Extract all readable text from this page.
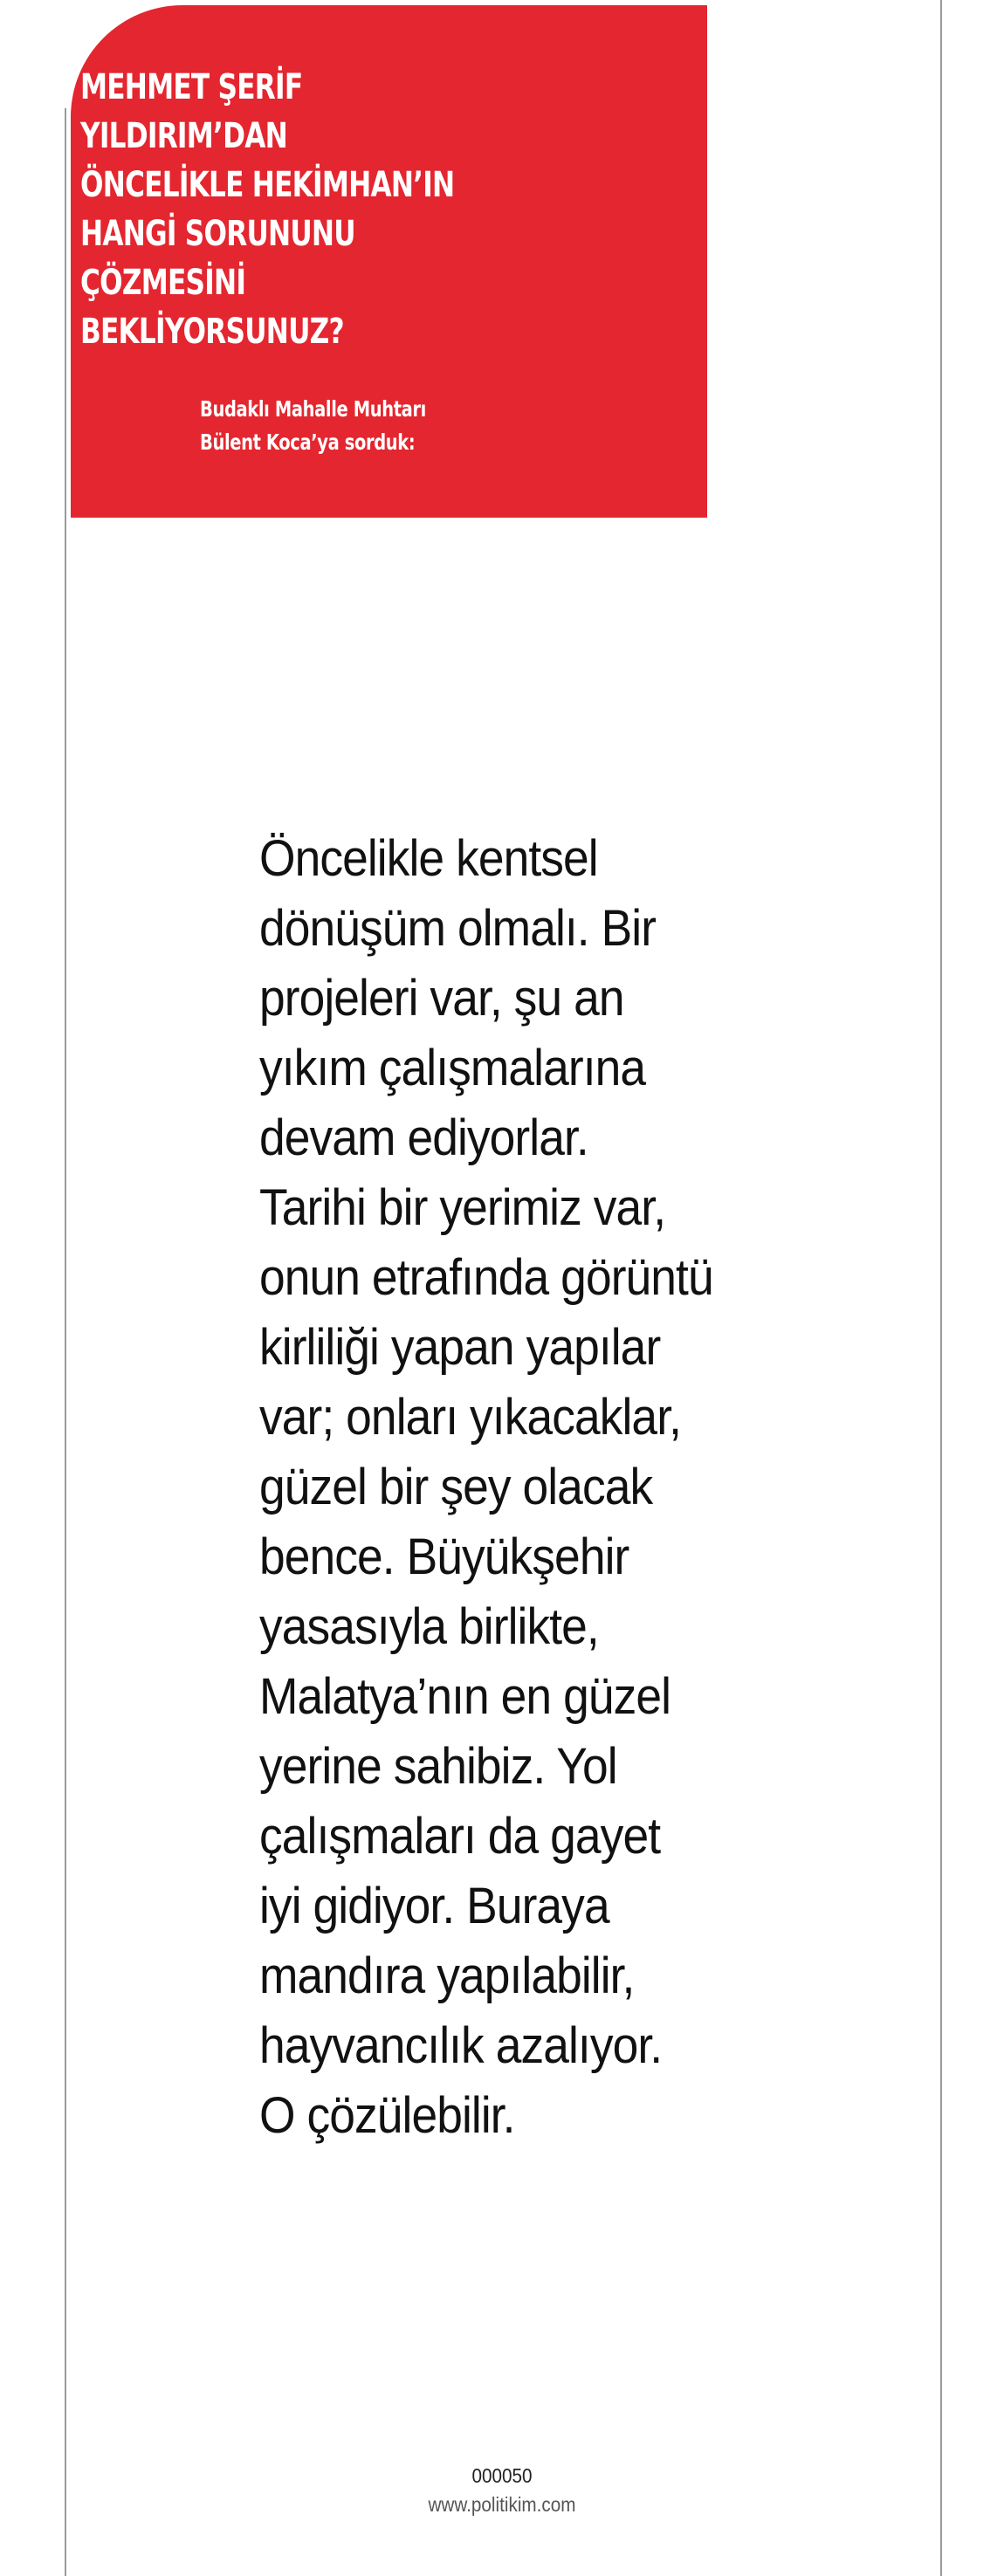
MEHMET ŞERİF YILDIRIM’DAN
ÖNCELİKLE HEKİMHAN’IN
HANGİ SORUNUNU
ÇÖZMESİNİ BEKLİYORSUNUZ?

Budaklı Mahalle Muhtarı
Bülent Koca’ya sorduk:

Öncelikle kentsel
dönüşüm olmalı. Bir
projeleri var, şu an
yıkım çalışmalarına
devam ediyorlar.
Tarihi bir yerimiz var,
onun etrafında görüntü
kirliliği yapan yapılar
var; onları yıkacaklar,
güzel bir şey olacak
bence. Büyükşehir
yasasıyla birlikte,
Malatya’nın en güzel
yerine sahibiz. Yol
çalışmaları da gayet
iyi gidiyor. Buraya
mandıra yapılabilir,
hayvancılık azalıyor.
O çözülebilir.

000050
www.politikim.com
